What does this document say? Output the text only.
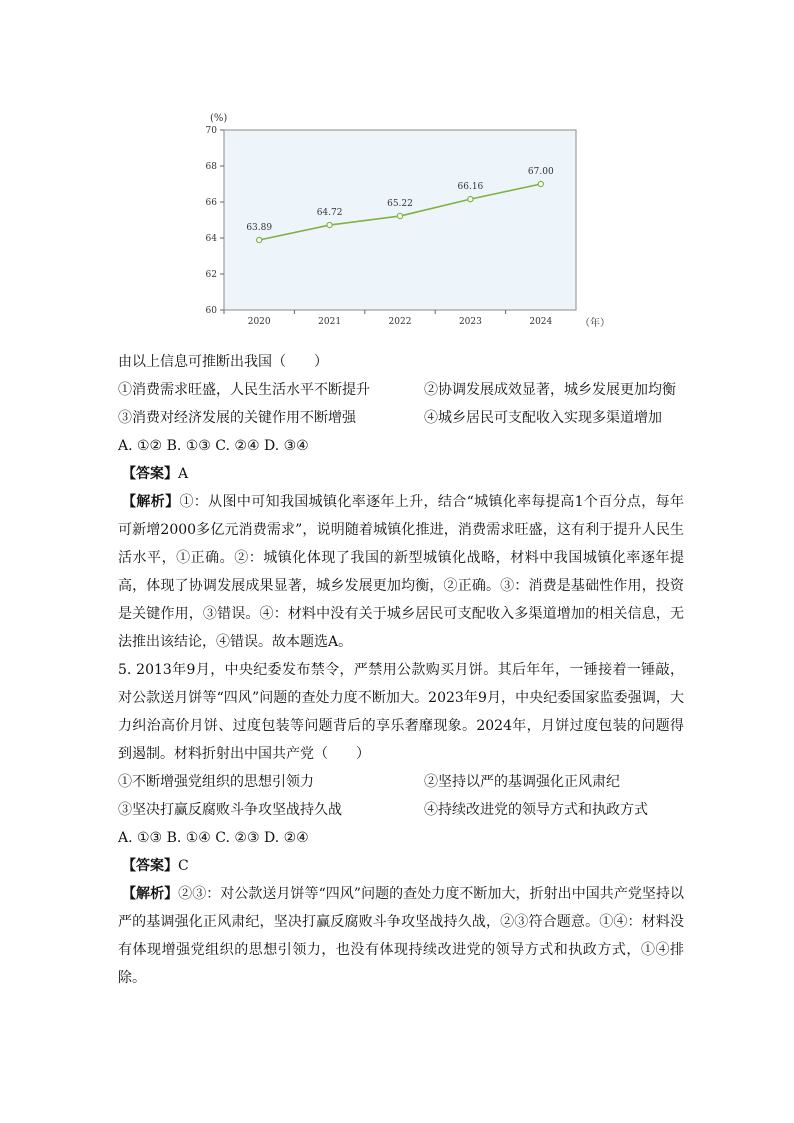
60
62
64
66
68
70
2020	2021	2022	2023	2024
(%)
（年）
63.89
64.72
65.22
66.16
67.00
由以上信息可推断出我国（　　）
①消费需求旺盛，人民生活水平不断提升	②协调发展成效显著，城乡发展更加均衡
③消费对经济发展的关键作用不断增强	④城乡居民可支配收入实现多渠道增加
A. ①② B. ①③ C. ②④ D. ③④
【答案】A
【解析】①：从图中可知我国城镇化率逐年上升，结合“城镇化率每提高1个百分点，每年可新增2000多亿元消费需求”，说明随着城镇化推进，消费需求旺盛，这有利于提升人民生活水平，①正确。②：城镇化体现了我国的新型城镇化战略，材料中我国城镇化率逐年提高，体现了协调发展成果显著，城乡发展更加均衡，②正确。③：消费是基础性作用，投资是关键作用，③错误。④：材料中没有关于城乡居民可支配收入多渠道增加的相关信息，无法推出该结论，④错误。故本题选A。
5. 2013年9月，中央纪委发布禁令，严禁用公款购买月饼。其后年年，一锤接着一锤敲，对公款送月饼等“四风”问题的查处力度不断加大。2023年9月，中央纪委国家监委强调，大力纠治高价月饼、过度包装等问题背后的享乐奢靡现象。2024年，月饼过度包装的问题得到遏制。材料折射出中国共产党（　　）
①不断增强党组织的思想引领力	②坚持以严的基调强化正风肃纪
③坚决打赢反腐败斗争攻坚战持久战	④持续改进党的领导方式和执政方式
A. ①③ B. ①④ C. ②③ D. ②④
【答案】C
【解析】②③：对公款送月饼等“四风”问题的查处力度不断加大，折射出中国共产党坚持以严的基调强化正风肃纪，坚决打赢反腐败斗争攻坚战持久战，②③符合题意。①④：材料没有体现增强党组织的思想引领力，也没有体现持续改进党的领导方式和执政方式，①④排除。
